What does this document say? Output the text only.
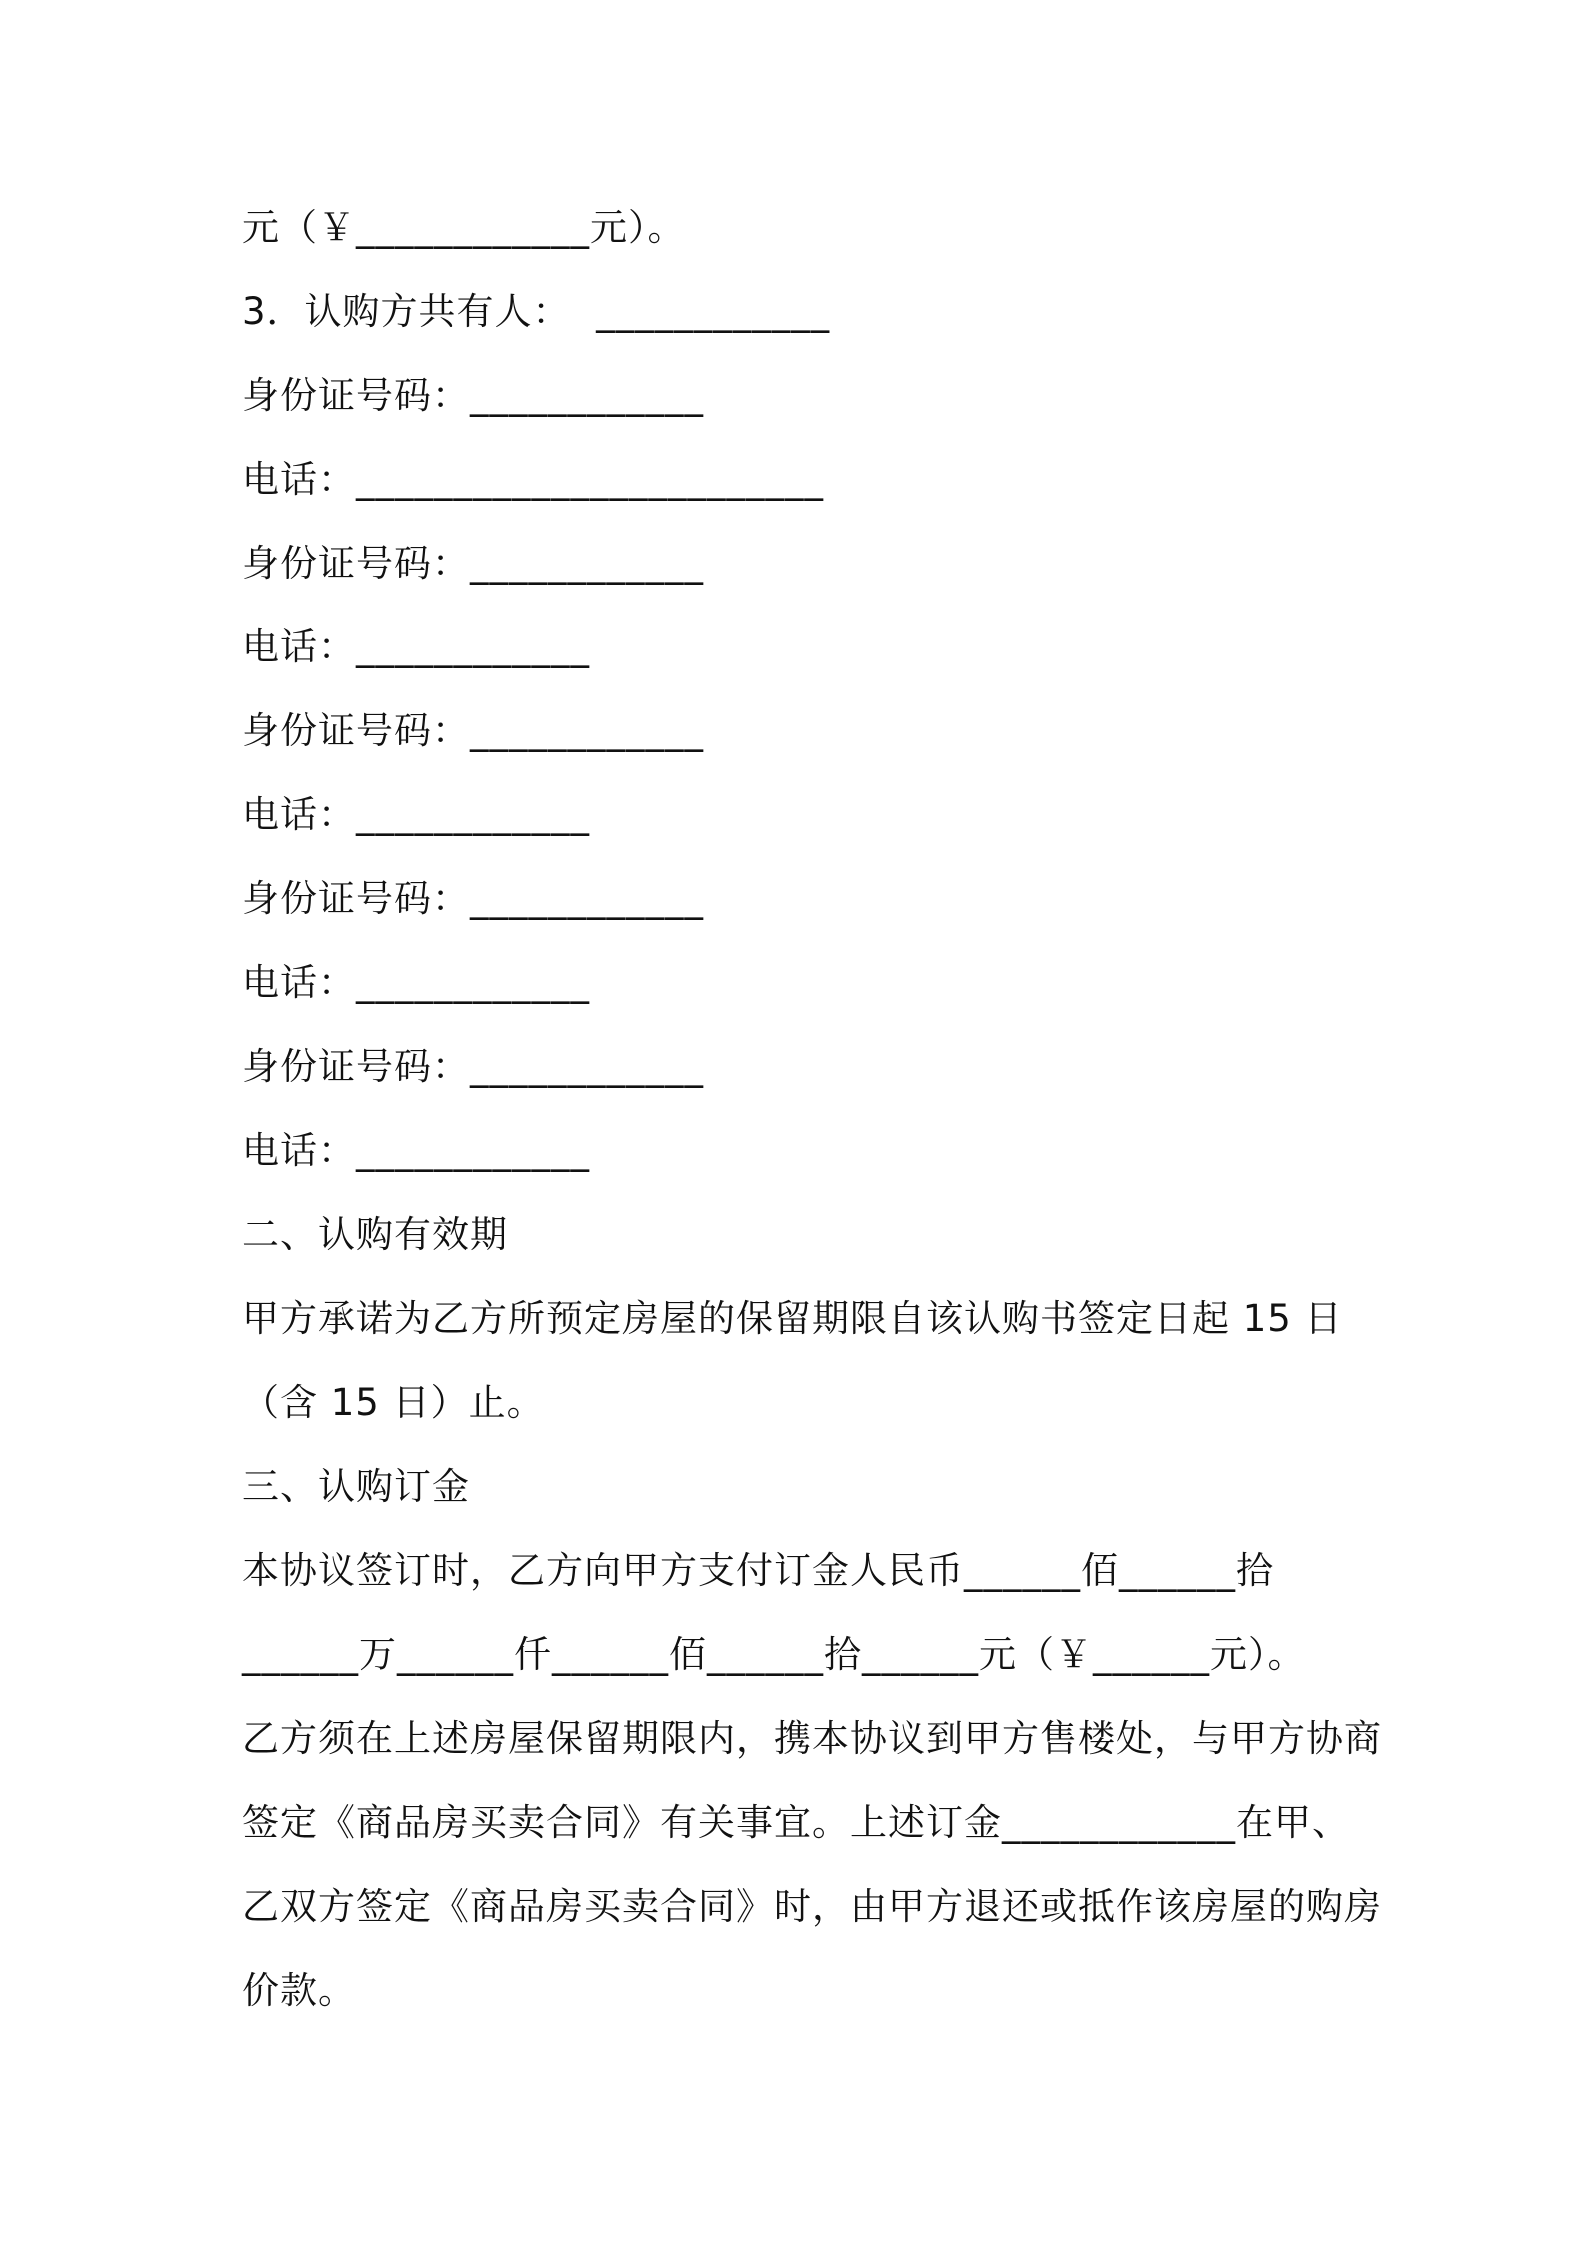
元（￥____________元）。
3．认购方共有人：  ____________
身份证号码：____________
电话：________________________
身份证号码：____________
电话：____________
身份证号码：____________
电话：____________
身份证号码：____________
电话：____________
身份证号码：____________
电话：____________
二、认购有效期
甲方承诺为乙方所预定房屋的保留期限自该认购书签定日起 15 日
（含 15 日）止。
三、认购订金
本协议签订时，乙方向甲方支付订金人民币______佰______拾
______万______仟______佰______拾______元（￥______元）。
乙方须在上述房屋保留期限内，携本协议到甲方售楼处，与甲方协商
签定《商品房买卖合同》有关事宜。上述订金____________在甲、
乙双方签定《商品房买卖合同》时，由甲方退还或抵作该房屋的购房
价款。
